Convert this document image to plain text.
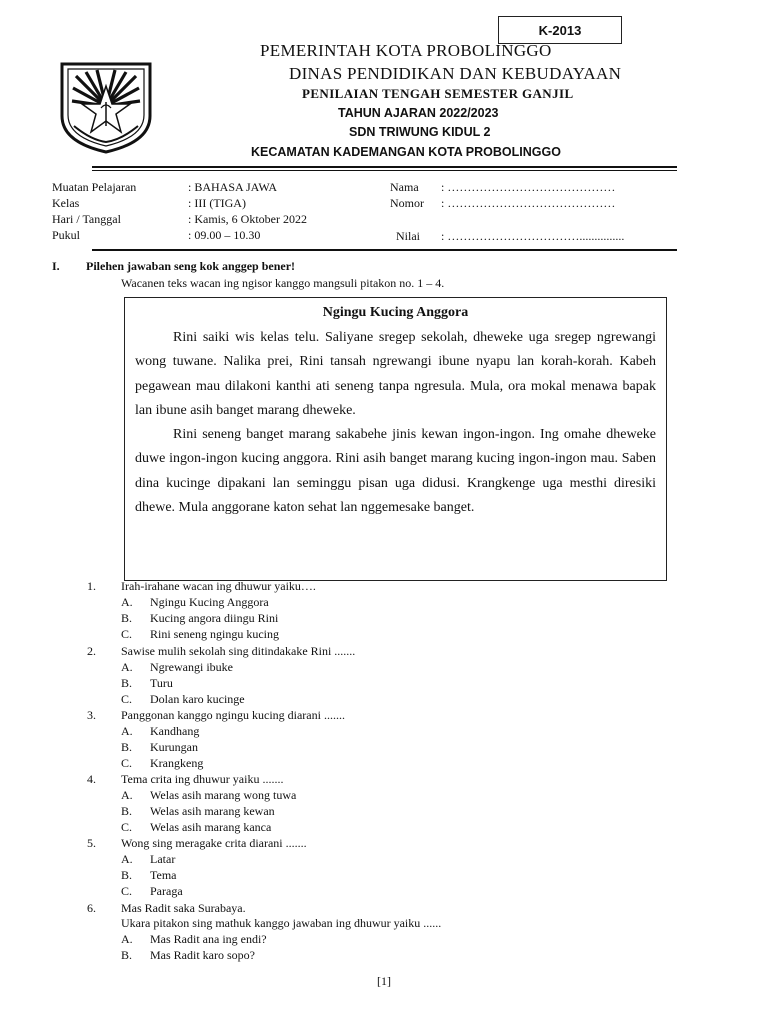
K-2013
PEMERINTAH KOTA PROBOLINGGO
DINAS PENDIDIKAN DAN KEBUDAYAAN
PENILAIAN TENGAH SEMESTER GANJIL
TAHUN AJARAN 2022/2023
SDN TRIWUNG KIDUL 2
KECAMATAN KADEMANGAN KOTA PROBOLINGGO
Muatan Pelajaran	: BAHASA JAWA
Kelas	: III (TIGA)
Hari / Tanggal	: Kamis, 6 Oktober 2022
Pukul	: 09.00 – 10.30
Nama : ……………………………………
Nomor : ……………………………………
Nilai : ……………………………...............
I. Pilehen jawaban seng kok anggep bener!
Wacanen teks wacan ing ngisor kanggo mangsuli pitakon no. 1 – 4.
Ngingu Kucing Anggora

Rini saiki wis kelas telu. Saliyane sregep sekolah, dheweke uga sregep ngrewangi wong tuwane. Nalika prei, Rini tansah ngrewangi ibune nyapu lan korah-korah. Kabeh pegawean mau dilakoni kanthi ati seneng tanpa ngresula. Mula, ora mokal menawa bapak lan ibune asih banget marang dheweke.

Rini seneng banget marang sakabehe jinis kewan ingon-ingon. Ing omahe dheweke duwe ingon-ingon kucing anggora. Rini asih banget marang kucing ingon-ingon mau. Saben dina kucinge dipakani lan seminggu pisan uga didusi. Krangkenge uga mesthi diresiki dhewe. Mula anggorane katon sehat lan nggemesake banget.

1. Irah-irahane wacan ing dhuwur yaiku….
A. Ngingu Kucing Anggora
B. Kucing angora diingu Rini
C. Rini seneng ngingu kucing
2. Sawise mulih sekolah sing ditindakake Rini .......
A. Ngrewangi ibuke
B. Turu
C. Dolan karo kucinge
3. Panggonan kanggo ngingu kucing diarani .......
A. Kandhang
B. Kurungan
C. Krangkeng
4. Tema crita ing dhuwur yaiku .......
A. Welas asih marang wong tuwa
B. Welas asih marang kewan
C. Welas asih marang kanca
5. Wong sing meragake crita diarani .......
A. Latar
B. Tema
C. Paraga
6. Mas Radit saka Surabaya.
Ukara pitakon sing mathuk kanggo jawaban ing dhuwur yaiku ......
A. Mas Radit ana ing endi?
B. Mas Radit karo sopo?
[1]
